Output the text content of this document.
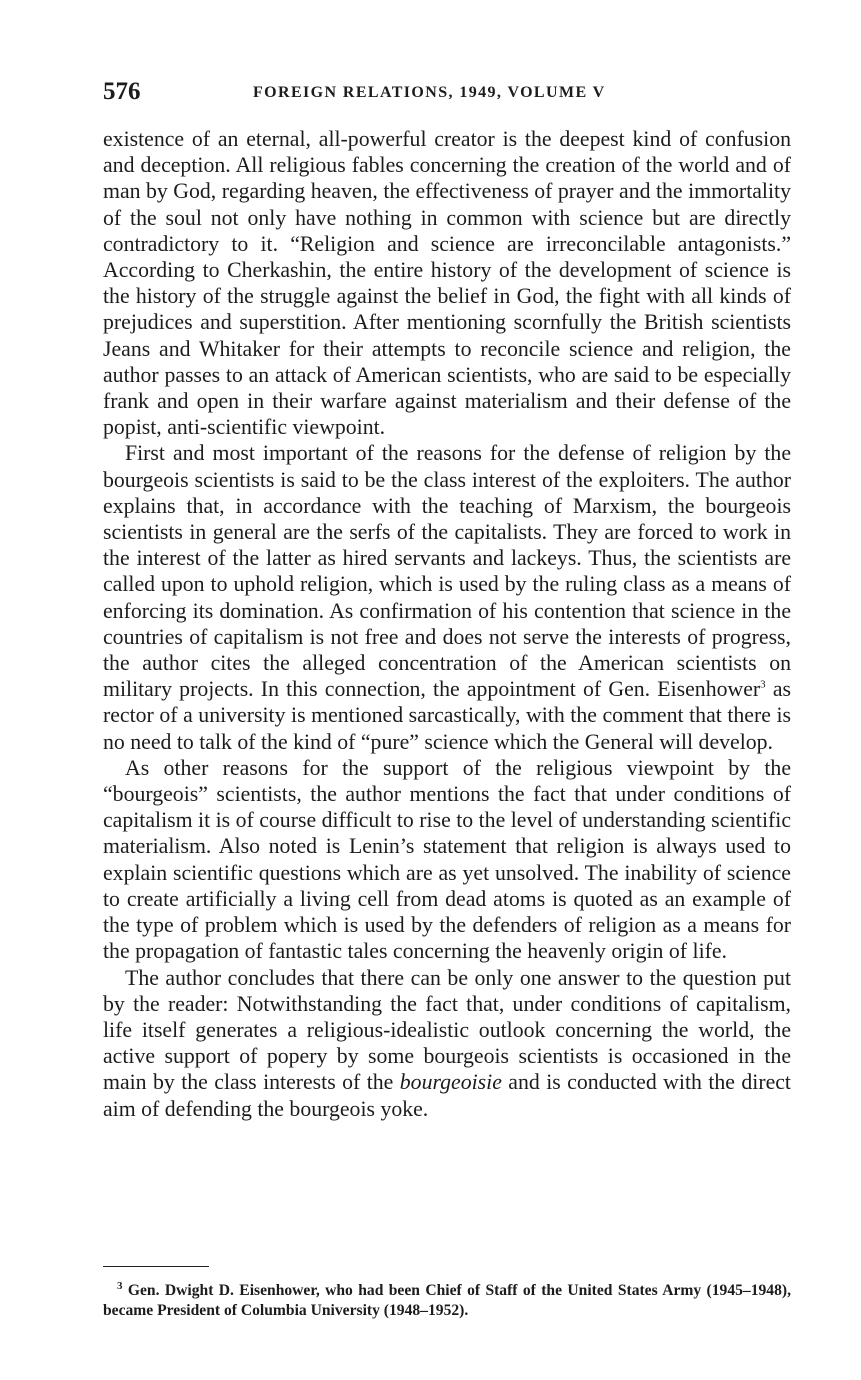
576	FOREIGN RELATIONS, 1949, VOLUME V

existence of an eternal, all-powerful creator is the deepest kind of confusion and deception. All religious fables concerning the creation of the world and of man by God, regarding heaven, the effectiveness of prayer and the immortality of the soul not only have nothing in common with science but are directly contradictory to it. “Religion and science are irreconcilable antagonists.” According to Cherkashin, the entire history of the development of science is the history of the struggle against the belief in God, the fight with all kinds of prejudices and superstition. After mentioning scornfully the British scientists Jeans and Whitaker for their attempts to reconcile science and religion, the author passes to an attack of American scientists, who are said to be especially frank and open in their warfare against materialism and their defense of the popist, anti-scientific viewpoint.

First and most important of the reasons for the defense of religion by the bourgeois scientists is said to be the class interest of the exploiters. The author explains that, in accordance with the teaching of Marxism, the bourgeois scientists in general are the serfs of the capitalists. They are forced to work in the interest of the latter as hired servants and lackeys. Thus, the scientists are called upon to uphold religion, which is used by the ruling class as a means of enforcing its domination. As confirmation of his contention that science in the countries of capitalism is not free and does not serve the interests of progress, the author cites the alleged concentration of the American scientists on military projects. In this connection, the appointment of Gen. Eisenhower$^3$ as rector of a university is mentioned sarcastically, with the comment that there is no need to talk of the kind of “pure” science which the General will develop.

As other reasons for the support of the religious viewpoint by the “bourgeois” scientists, the author mentions the fact that under conditions of capitalism it is of course difficult to rise to the level of understanding scientific materialism. Also noted is Lenin’s statement that religion is always used to explain scientific questions which are as yet unsolved. The inability of science to create artificially a living cell from dead atoms is quoted as an example of the type of problem which is used by the defenders of religion as a means for the propagation of fantastic tales concerning the heavenly origin of life.

The author concludes that there can be only one answer to the question put by the reader: Notwithstanding the fact that, under conditions of capitalism, life itself generates a religious-idealistic outlook concerning the world, the active support of popery by some bourgeois scientists is occasioned in the main by the class interests of the bourgeoisie and is conducted with the direct aim of defending the bourgeois yoke.

$^3$ Gen. Dwight D. Eisenhower, who had been Chief of Staff of the United States Army (1945–1948), became President of Columbia University (1948–1952).
